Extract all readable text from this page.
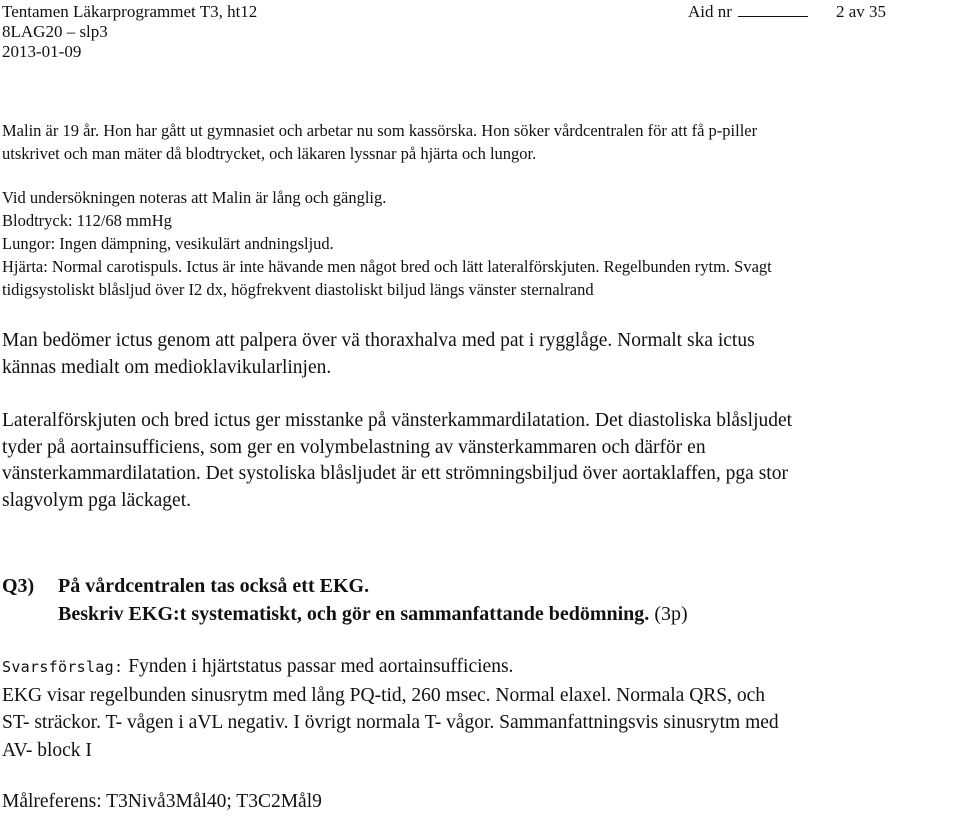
Tentamen Läkarprogrammet T3, ht12	Aid nr	2 av 35
8LAG20 – slp3
2013-01-09
Malin är 19 år. Hon har gått ut gymnasiet och arbetar nu som kassörska. Hon söker vårdcentralen för att få p-piller
utskrivet och man mäter då blodtrycket, och läkaren lyssnar på hjärta och lungor.
Vid undersökningen noteras att Malin är lång och gänglig.
Blodtryck: 112/68 mmHg
Lungor: Ingen dämpning, vesikulärt andningsljud.
Hjärta: Normal carotispuls. Ictus är inte hävande men något bred och lätt lateralförskjuten. Regelbunden rytm. Svagt
tidigsystoliskt blåsljud över I2 dx, högfrekvent diastoliskt biljud längs vänster sternalrand
Man bedömer ictus genom att palpera över vä thoraxhalva med pat i rygglåge. Normalt ska ictus
kännas medialt om medioklavikularlinjen.
Lateralförskjuten och bred ictus ger misstanke på vänsterkammardilatation. Det diastoliska blåsljudet
tyder på aortainsufficiens, som ger en volymbelastning av vänsterkammaren och därför en
vänsterkammardilatation. Det systoliska blåsljudet är ett strömningsbiljud över aortaklaffen, pga stor
slagvolym pga läckaget.
Q3) På vårdcentralen tas också ett EKG.
Beskriv EKG:t systematiskt, och gör en sammanfattande bedömning. (3p)
Svarsförslag: Fynden i hjärtstatus passar med aortainsufficiens.
EKG visar regelbunden sinusrytm med lång PQ-tid, 260 msec. Normal elaxel. Normala QRS, och
ST- sträckor. T- vågen i aVL negativ. I övrigt normala T- vågor. Sammanfattningsvis sinusrytm med
AV- block I
Målreferens: T3Nivå3Mål40; T3C2Mål9
